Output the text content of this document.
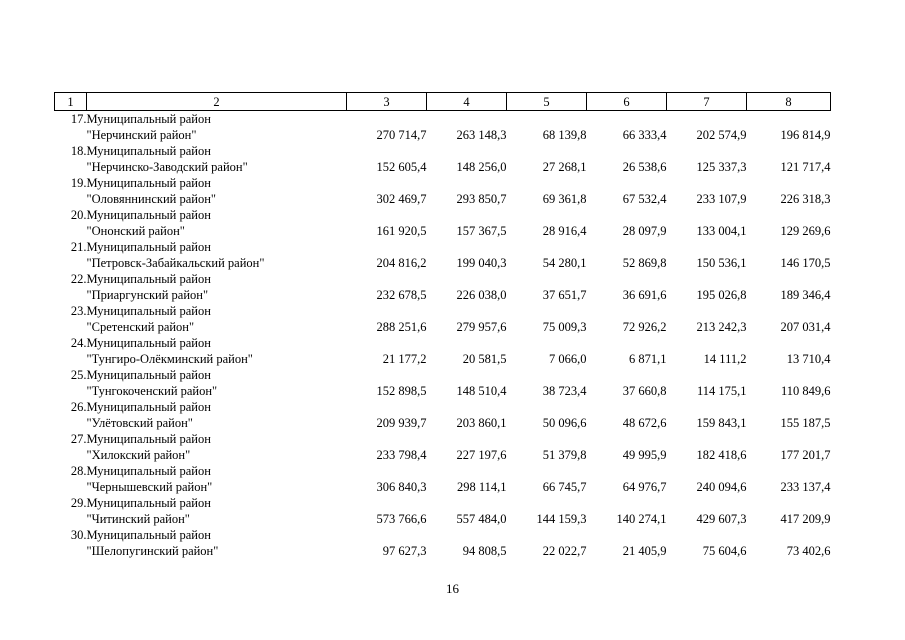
1	2	3	4	5	6	7	8
17.	Муниципальный район						
	"Нерчинский район"	270 714,7	263 148,3	68 139,8	66 333,4	202 574,9	196 814,9
18.	Муниципальный район						
	"Нерчинско-Заводский район"	152 605,4	148 256,0	27 268,1	26 538,6	125 337,3	121 717,4
19.	Муниципальный район						
	"Оловяннинский район"	302 469,7	293 850,7	69 361,8	67 532,4	233 107,9	226 318,3
20.	Муниципальный район						
	"Ононский район"	161 920,5	157 367,5	28 916,4	28 097,9	133 004,1	129 269,6
21.	Муниципальный район						
	"Петровск-Забайкальский район"	204 816,2	199 040,3	54 280,1	52 869,8	150 536,1	146 170,5
22.	Муниципальный район						
	"Приаргунский район"	232 678,5	226 038,0	37 651,7	36 691,6	195 026,8	189 346,4
23.	Муниципальный район						
	"Сретенский район"	288 251,6	279 957,6	75 009,3	72 926,2	213 242,3	207 031,4
24.	Муниципальный район						
	"Тунгиро-Олёкминский район"	21 177,2	20 581,5	7 066,0	6 871,1	14 111,2	13 710,4
25.	Муниципальный район						
	"Тунгокоченский район"	152 898,5	148 510,4	38 723,4	37 660,8	114 175,1	110 849,6
26.	Муниципальный район						
	"Улётовский район"	209 939,7	203 860,1	50 096,6	48 672,6	159 843,1	155 187,5
27.	Муниципальный район						
	"Хилокский район"	233 798,4	227 197,6	51 379,8	49 995,9	182 418,6	177 201,7
28.	Муниципальный район						
	"Чернышевский район"	306 840,3	298 114,1	66 745,7	64 976,7	240 094,6	233 137,4
29.	Муниципальный район						
	"Читинский район"	573 766,6	557 484,0	144 159,3	140 274,1	429 607,3	417 209,9
30.	Муниципальный район						
	"Шелопугинский район"	97 627,3	94 808,5	22 022,7	21 405,9	75 604,6	73 402,6
16
